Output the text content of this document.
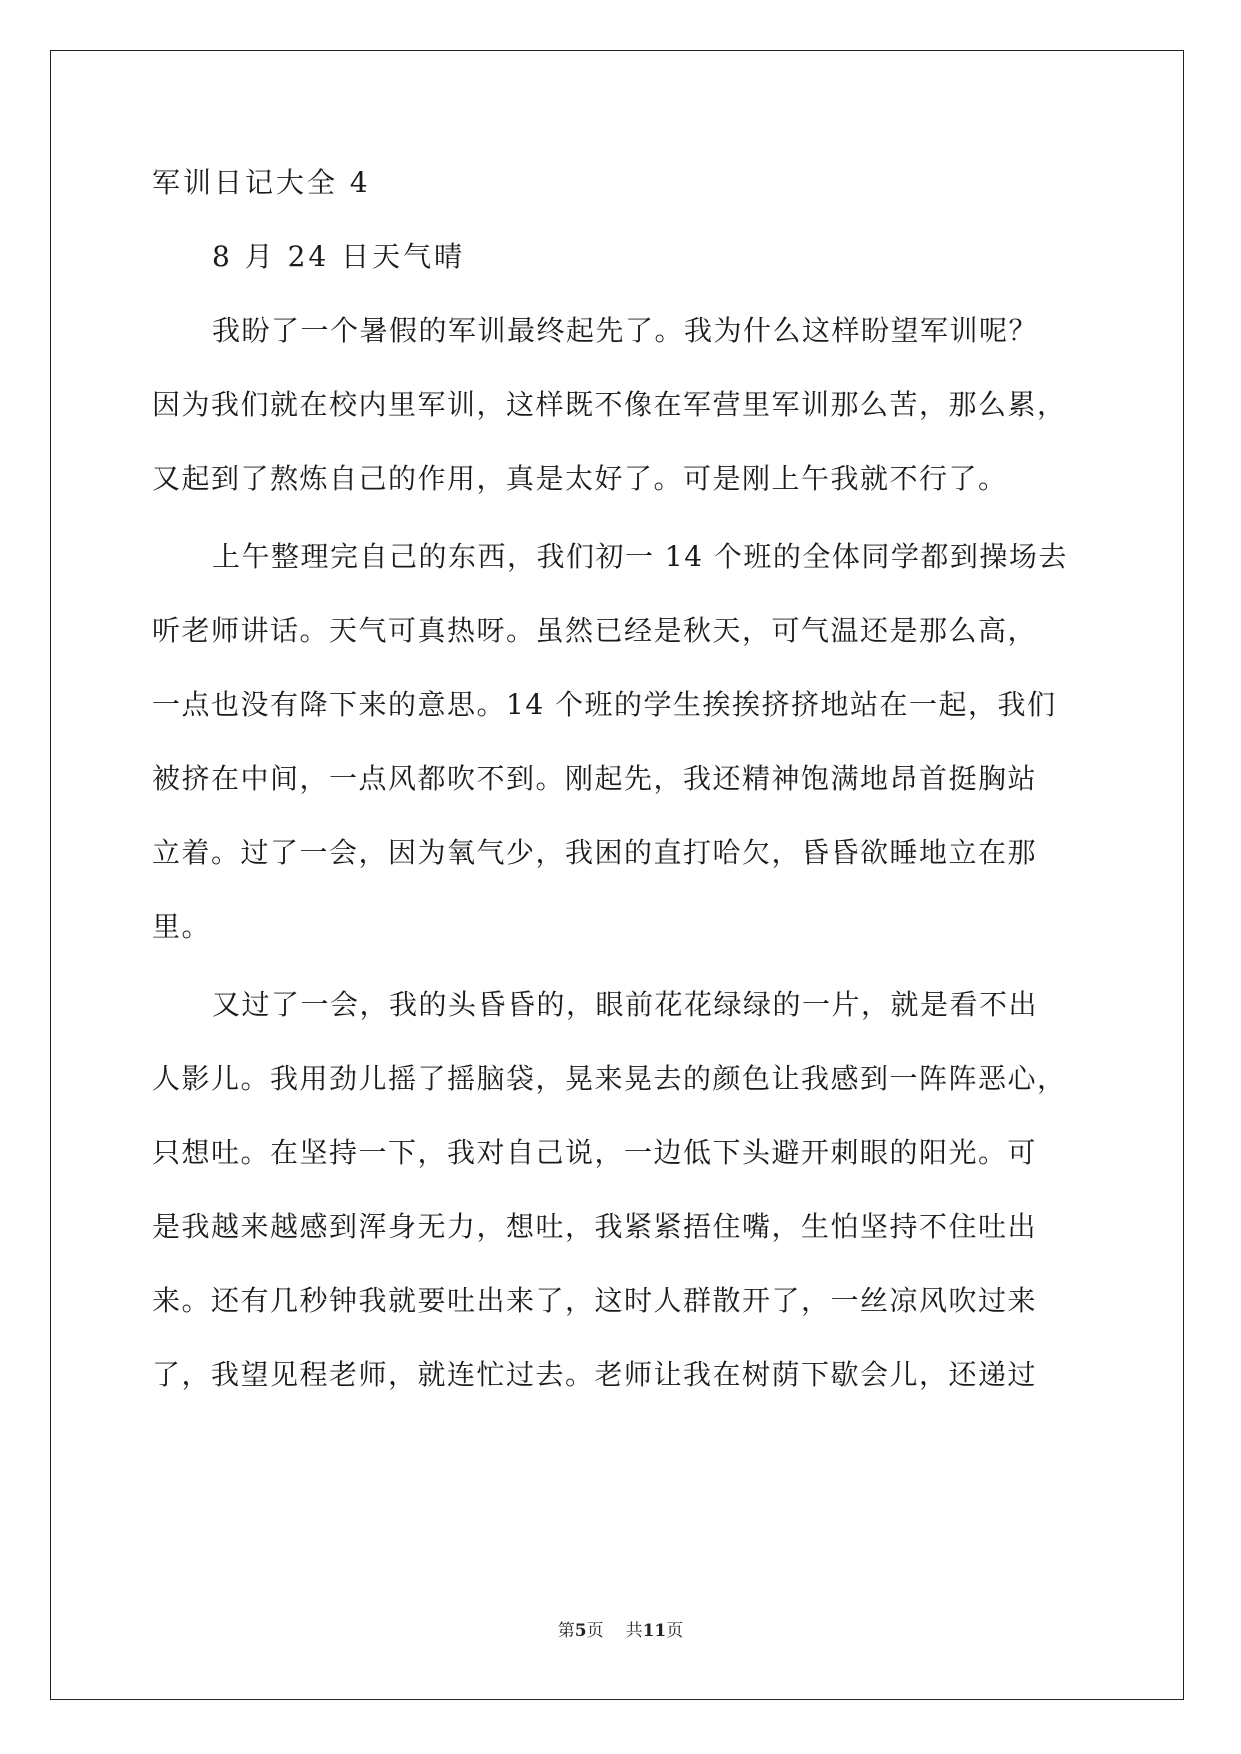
军训日记大全 4
8 月 24 日天气晴
我盼了一个暑假的军训最终起先了。我为什么这样盼望军训呢？
因为我们就在校内里军训，这样既不像在军营里军训那么苦，那么累，
又起到了熬炼自己的作用，真是太好了。可是刚上午我就不行了。
上午整理完自己的东西，我们初一 14 个班的全体同学都到操场去
听老师讲话。天气可真热呀。虽然已经是秋天，可气温还是那么高，
一点也没有降下来的意思。14 个班的学生挨挨挤挤地站在一起，我们
被挤在中间，一点风都吹不到。刚起先，我还精神饱满地昂首挺胸站
立着。过了一会，因为氧气少，我困的直打哈欠，昏昏欲睡地立在那
里。
又过了一会，我的头昏昏的，眼前花花绿绿的一片，就是看不出
人影儿。我用劲儿摇了摇脑袋，晃来晃去的颜色让我感到一阵阵恶心，
只想吐。在坚持一下，我对自己说，一边低下头避开刺眼的阳光。可
是我越来越感到浑身无力，想吐，我紧紧捂住嘴，生怕坚持不住吐出
来。还有几秒钟我就要吐出来了，这时人群散开了，一丝凉风吹过来
了，我望见程老师，就连忙过去。老师让我在树荫下歇会儿，还递过
第5页 共11页
